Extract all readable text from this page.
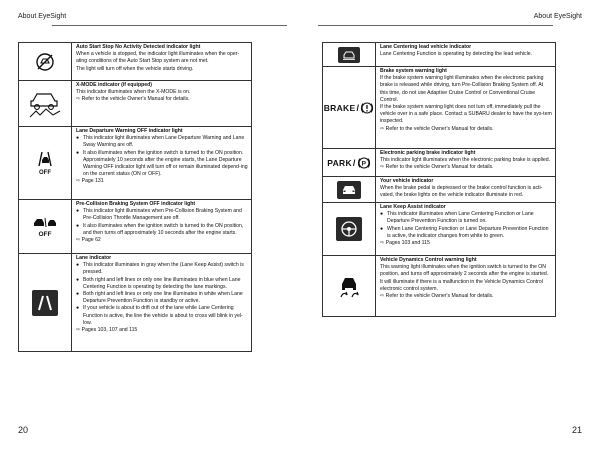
About EyeSight	About EyeSight
Auto Start Stop No Activity Detected indicator light
When a vehicle is stopped, the indicator light illuminates when the oper-ating conditions of the Auto Start Stop system are not met.
The light will turn off when the vehicle starts driving.
X-MODE indicator (if equipped)
This indicator illuminates when the X-MODE is on.
⇨ Refer to the vehicle Owner's Manual for details.
OFF
Lane Departure Warning OFF indicator light
● This indicator light illuminates when Lane Departure Warning and Lane Sway Warning are off.
● It also illuminates when the ignition switch is turned to the ON position. Approximately 10 seconds after the engine starts, the Lane Departure Warning OFF indicator light will turn off or remain illuminated depend-ing on the current status (ON or OFF).
⇨ Page 131
OFF
Pre-Collision Braking System OFF indicator light
● This indicator light illuminates when Pre-Collision Braking System and Pre-Collision Throttle Management are off.
● It also illuminates when the ignition switch is turned to the ON position, and then turns off approximately 10 seconds after the engine starts.
⇨ Page 62
Lane indicator
● This indicator illuminates in gray when the (Lane Keep Assist) switch is pressed.
● Both right and left lines or only one line illuminates in blue when Lane Centering Function is operating by detecting the lane markings.
● Both right and left lines or only one line illuminates in white when Lane Departure Prevention Function is standby or active.
● If your vehicle is about to drift out of the lane while Lane Centering Function is active, the line the vehicle is about to cross will blink in yel-low.
⇨ Pages 103, 107 and 115
Lane Centering lead vehicle indicator
Lane Centering Function is operating by detecting the lead vehicle.
BRAKE /
Brake system warning light
If the brake system warning light illuminates when the electronic parking brake is released while driving, turn Pre-Collision Braking System off. At this time, do not use Adaptive Cruise Control or Conventional Cruise Control.
If the brake system warning light does not turn off, immediately pull the vehicle over in a safe place. Contact a SUBARU dealer to have the sys-tem inspected.
⇨ Refer to the vehicle Owner's Manual for details.
PARK / P
Electronic parking brake indicator light
This indicator light illuminates when the electronic parking brake is applied.
⇨ Refer to the vehicle Owner's Manual for details.
Your vehicle indicator
When the brake pedal is depressed or the brake control function is acti-vated, the brake lights on the vehicle indicator illuminate in red.
Lane Keep Assist indicator
● This indicator illuminates when Lane Centering Function or Lane Departure Prevention Function is turned on.
● When Lane Centering Function or Lane Departure Prevention Function is active, the indicator changes from white to green.
⇨ Pages 103 and 115
Vehicle Dynamics Control warning light
This warning light illuminates when the ignition switch is turned to the ON position, and turns off approximately 2 seconds after the engine is started. It will illuminate if there is a malfunction in the Vehicle Dynamics Control electronic control system.
⇨ Refer to the vehicle Owner's Manual for details.
20	21
